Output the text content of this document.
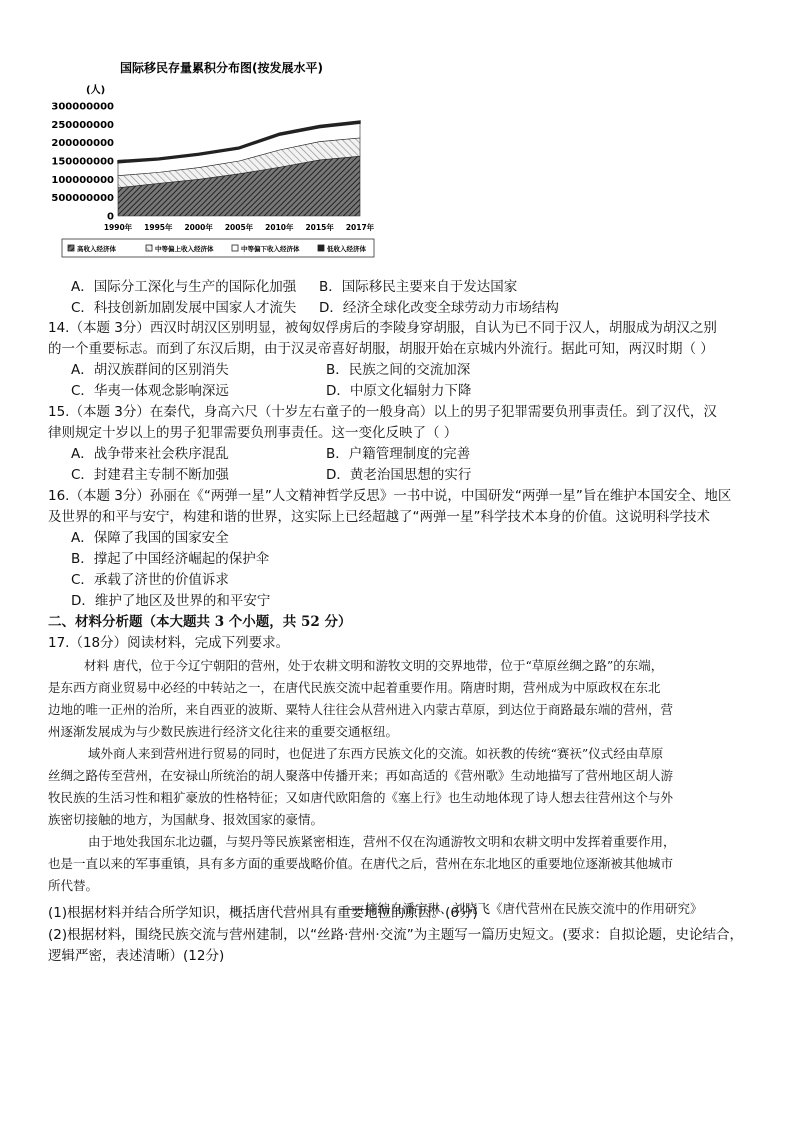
国际移民存量累积分布图(按发展水平)
(人)
0
500000000
100000000
150000000
200000000
250000000
300000000
1990年 1995年 2000年 2005年 2010年 2015年 2017年
高收入经济体	中等偏上收入经济体	中等偏下收入经济体	低收入经济体
A．国际分工深化与生产的国际化加强 B．国际移民主要来自于发达国家
C．科技创新加剧发展中国家人才流失 D．经济全球化改变全球劳动力市场结构
14.（本题 3分）西汉时胡汉区别明显，被匈奴俘虏后的李陵身穿胡服，自认为已不同于汉人，胡服成为胡汉之别
的一个重要标志。而到了东汉后期，由于汉灵帝喜好胡服，胡服开始在京城内外流行。据此可知，两汉时期（ ）
A．胡汉族群间的区别消失	B．民族之间的交流加深
C．华夷一体观念影响深远	D．中原文化辐射力下降
15.（本题 3分）在秦代，身高六尺（十岁左右童子的一般身高）以上的男子犯罪需要负刑事责任。到了汉代，汉
律则规定十岁以上的男子犯罪需要负刑事责任。这一变化反映了（ ）
A．战争带来社会秩序混乱	B．户籍管理制度的完善
C．封建君主专制不断加强	D．黄老治国思想的实行
16.（本题 3分）孙丽在《“两弹一星”人文精神哲学反思》一书中说，中国研发“两弹一星”旨在维护本国安全、地区
及世界的和平与安宁，构建和谐的世界，这实际上已经超越了“两弹一星”科学技术本身的价值。这说明科学技术
A．保障了我国的国家安全
B．撑起了中国经济崛起的保护伞
C．承载了济世的价值诉求
D．维护了地区及世界的和平安宁
二、材料分析题（本大题共 3 个小题，共 52 分）
17.（18分）阅读材料，完成下列要求。
材料 唐代，位于今辽宁朝阳的营州，处于农耕文明和游牧文明的交界地带，位于“草原丝绸之路”的东端，
是东西方商业贸易中必经的中转站之一，在唐代民族交流中起着重要作用。隋唐时期，营州成为中原政权在东北
边地的唯一正州的治所，来自西亚的波斯、粟特人往往会从营州进入内蒙古草原，到达位于商路最东端的营州，营
州逐渐发展成为与少数民族进行经济文化往来的重要交通枢纽。
域外商人来到营州进行贸易的同时，也促进了东西方民族文化的交流。如祆教的传统“赛祆”仪式经由草原
丝绸之路传至营州，在安禄山所统治的胡人聚落中传播开来；再如高适的《营州歌》生动地描写了营州地区胡人游
牧民族的生活习性和粗犷豪放的性格特征；又如唐代欧阳詹的《塞上行》也生动地体现了诗人想去往营州这个与外
族密切接触的地方，为国献身、报效国家的豪情。
由于地处我国东北边疆，与契丹等民族紧密相连，营州不仅在沟通游牧文明和农耕文明中发挥着重要作用，
也是一直以来的军事重镇，具有多方面的重要战略价值。在唐代之后，营州在东北地区的重要地位逐渐被其他城市
所代替。
——摘编自潘宇琳、刘晓飞《唐代营州在民族交流中的作用研究》
(1)根据材料并结合所学知识，概括唐代营州具有重要地位的原因。(6分)
(2)根据材料，围绕民族交流与营州建制，以“丝路·营州·交流”为主题写一篇历史短文。(要求：自拟论题，史论结合，
逻辑严密，表述清晰）(12分)
